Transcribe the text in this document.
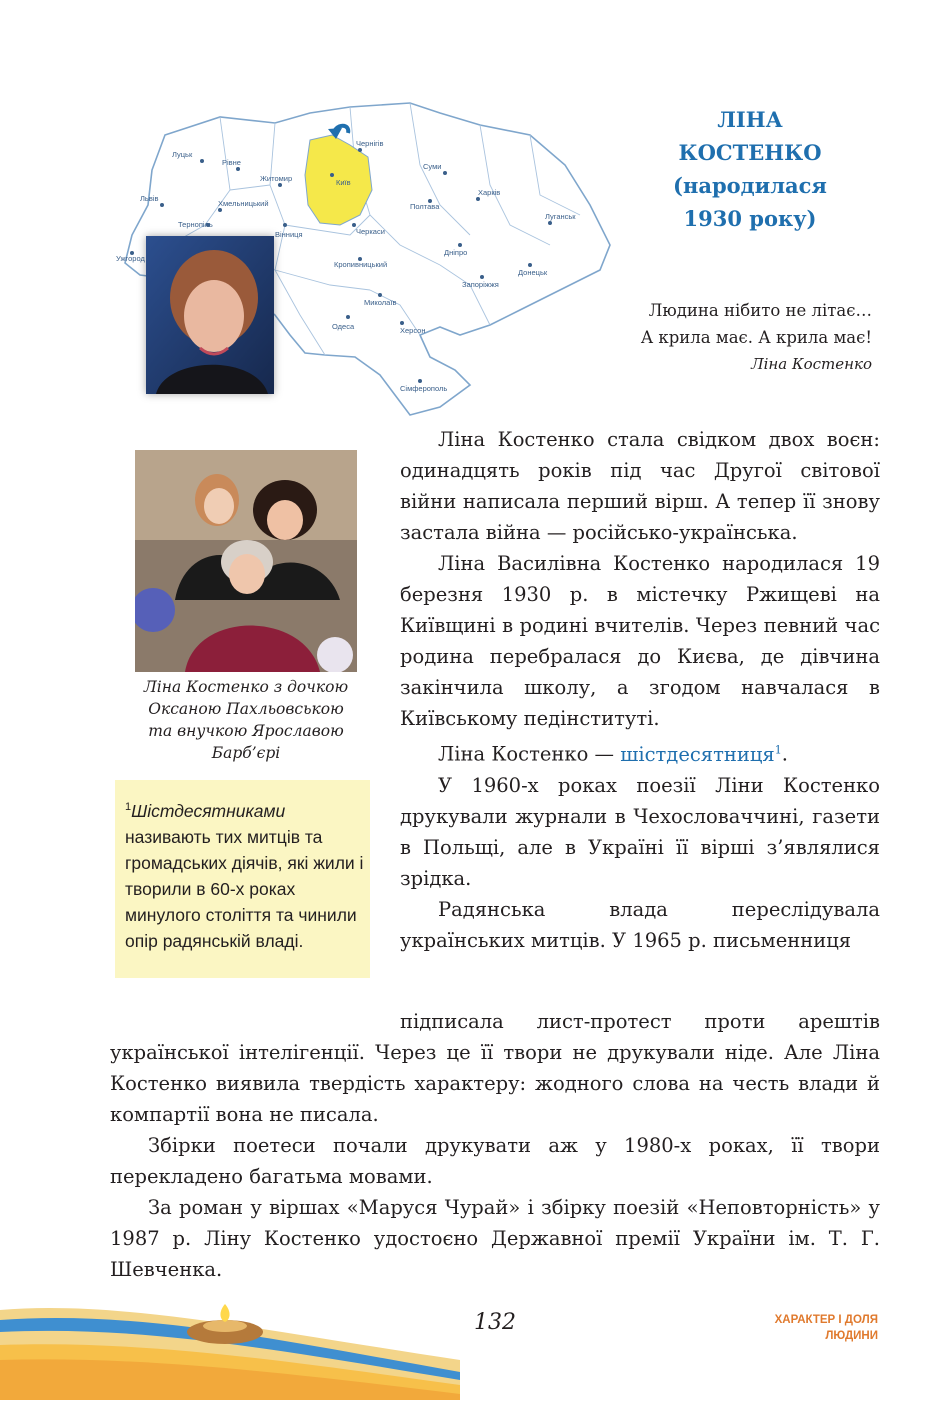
Луцьк
Рівне
Житомир
Чернігів
Суми
Харків
Львів
Хмельницький
Тернопіль
Вінниця
Київ
Полтава
Луганськ
Ужгород
Черкаси
Дніпро
Кропивницький
Донецьк
Запоріжжя
Миколаїв
Одеса	Херсон
Сімферополь
ЛІНА
КОСТЕНКО
(народилася
1930 року)
Людина нібито не літає…
А крила має. А крила має!
Ліна Костенко
Ліна Костенко з дочкою
Оксаною Пахльовською
та внучкою Ярославою
Барб’єрі
$^1$Шістдесятниками називають тих митців та громадських діячів, які жили і творили в 60-х роках минулого століття та чинили опір радянській владі.

Ліна Костенко стала свідком двох воєн: одинадцять років під час Другої світової війни написала перший вірш. А тепер її знову застала війна — російсько-українська.

Ліна Василівна Костенко народилася 19 березня 1930 р. в містечку Ржищеві на Київщині в родині вчителів. Через певний час родина перебралася до Києва, де дівчина закінчила школу, а згодом навчалася в Київському педінституті.

Ліна Костенко — шістдесятниця$^1$.

У 1960-х роках поезії Ліни Костенко друкували журнали в Чехословаччині, газети в Польщі, але в Україні її вірші з’являлися зрідка.

Радянська влада переслідувала українських митців. У 1965 р. письменниця

підписала лист-протест проти арештів української інтелігенції. Через це її твори не друкували ніде. Але Ліна Костенко виявила твердість характеру: жодного слова на честь влади й компартії вона не писала.

Збірки поетеси почали друкувати аж у 1980-х роках, її твори перекладено багатьма мовами.

За роман у віршах «Маруся Чурай» і збірку поезій «Неповторність» у 1987 р. Ліну Костенко удостоєно Державної премії України ім. Т. Г. Шевченка.

132	ХАРАКТЕР І ДОЛЯ
ЛЮДИНИ
